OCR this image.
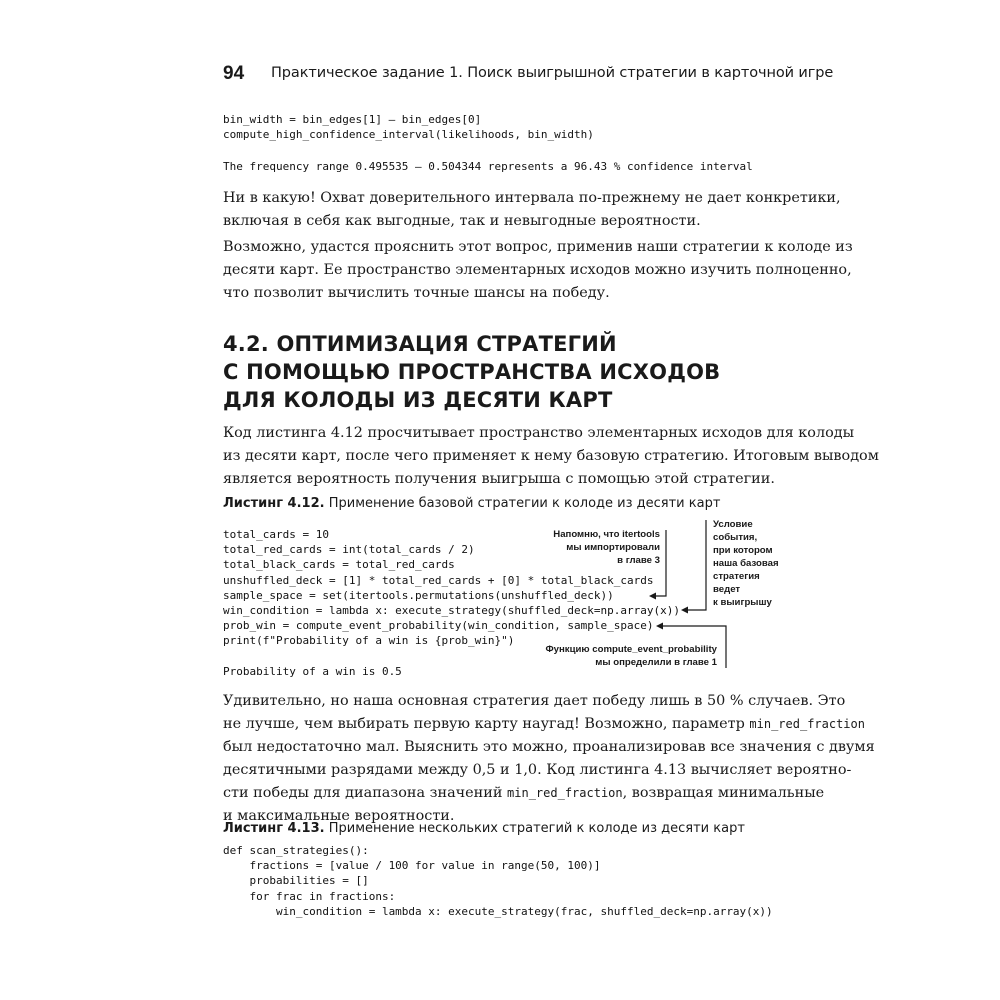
94 Практическое задание 1. Поиск выигрышной стратегии в карточной игре
bin_width = bin_edges[1] — bin_edges[0]
compute_high_confidence_interval(likelihoods, bin_width)
The frequency range 0.495535 — 0.504344 represents a 96.43 % confidence interval

Ни в какую! Охват доверительного интервала по-прежнему не дает конкретики,
включая в себя как выгодные, так и невыгодные вероятности.

Возможно, удастся прояснить этот вопрос, применив наши стратегии к колоде из
десяти карт. Ее пространство элементарных исходов можно изучить полноценно,
что позволит вычислить точные шансы на победу.

4.2. ОПТИМИЗАЦИЯ СТРАТЕГИЙ
С ПОМОЩЬЮ ПРОСТРАНСТВА ИСХОДОВ
ДЛЯ КОЛОДЫ ИЗ ДЕСЯТИ КАРТ

Код листинга 4.12 просчитывает пространство элементарных исходов для колоды
из десяти карт, после чего применяет к нему базовую стратегию. Итоговым выводом
является вероятность получения выигрыша с помощью этой стратегии.

Листинг 4.12. Применение базовой стратегии к колоде из десяти карт
total_cards = 10
total_red_cards = int(total_cards / 2)
total_black_cards = total_red_cards
unshuffled_deck = [1] * total_red_cards + [0] * total_black_cards
sample_space = set(itertools.permutations(unshuffled_deck))
win_condition = lambda x: execute_strategy(shuffled_deck=np.array(x))
prob_win = compute_event_probability(win_condition, sample_space)
print(f"Probability of a win is {prob_win}")
Probability of a win is 0.5
Напомню, что itertools
мы импортировали
в главе 3
Условие
события,
при котором
наша базовая
стратегия
ведет
к выигрышу
Функцию compute_event_probability
мы определили в главе 1

Удивительно, но наша основная стратегия дает победу лишь в 50 % случаев. Это
не лучше, чем выбирать первую карту наугад! Возможно, параметр min_red_fraction
был недостаточно мал. Выяснить это можно, проанализировав все значения с двумя
десятичными разрядами между 0,5 и 1,0. Код листинга 4.13 вычисляет вероятно-
сти победы для диапазона значений min_red_fraction, возвращая минимальные
и максимальные вероятности.

Листинг 4.13. Применение нескольких стратегий к колоде из десяти карт
def scan_strategies():
fractions = [value / 100 for value in range(50, 100)]
probabilities = []
for frac in fractions:
win_condition = lambda x: execute_strategy(frac, shuffled_deck=np.array(x))
